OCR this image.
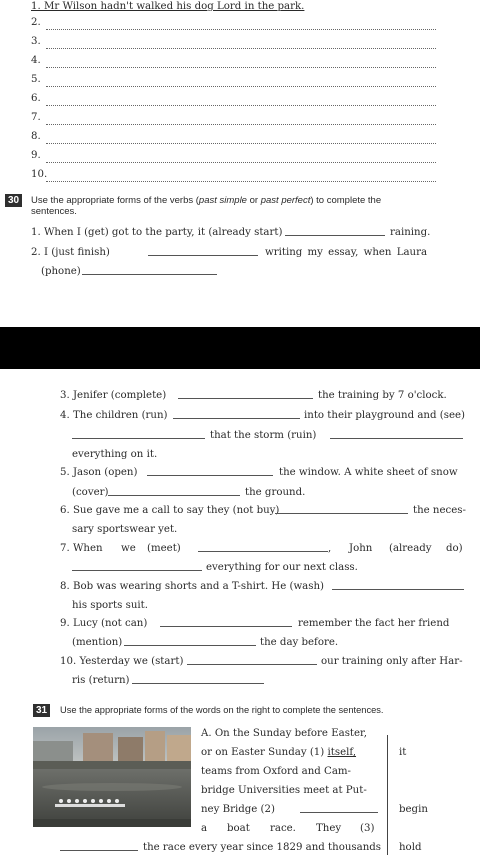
1. Mr Wilson hadn't walked his dog Lord in the park.
2.
3.
4.
5.
6.
7.
8.
9.
10.
30	Use the appropriate forms of the verbs (past simple or past perfect) to complete the
sentences.
1. When I (get) got to the party, it (already start)	raining.
2. I (just finish)	writing my essay, when Laura
(phone)
3. Jenifer (complete)	the training by 7 o'clock.
4. The children (run)	into their playground and (see)
that the storm (ruin)
everything on it.
5. Jason (open)	the window. A white sheet of snow
(cover)	the ground.
6. Sue gave me a call to say they (not buy)	the neces-
sary sportswear yet.
7. When we (meet)	, John (already do)
everything for our next class.
8. Bob was wearing shorts and a T-shirt. He (wash)
his sports suit.
9. Lucy (not can)	remember the fact her friend
(mention)	the day before.
10. Yesterday we (start)	our training only after Har-
ris (return)
31	Use the appropriate forms of the words on the right to complete the sentences.
A. On the Sunday before Easter,
or on Easter Sunday (1) itself,
teams from Oxford and Cam-
bridge Universities meet at Put-
ney Bridge (2)
a boat race. They (3)
the race every year since 1829 and thousands
it
begin
hold
